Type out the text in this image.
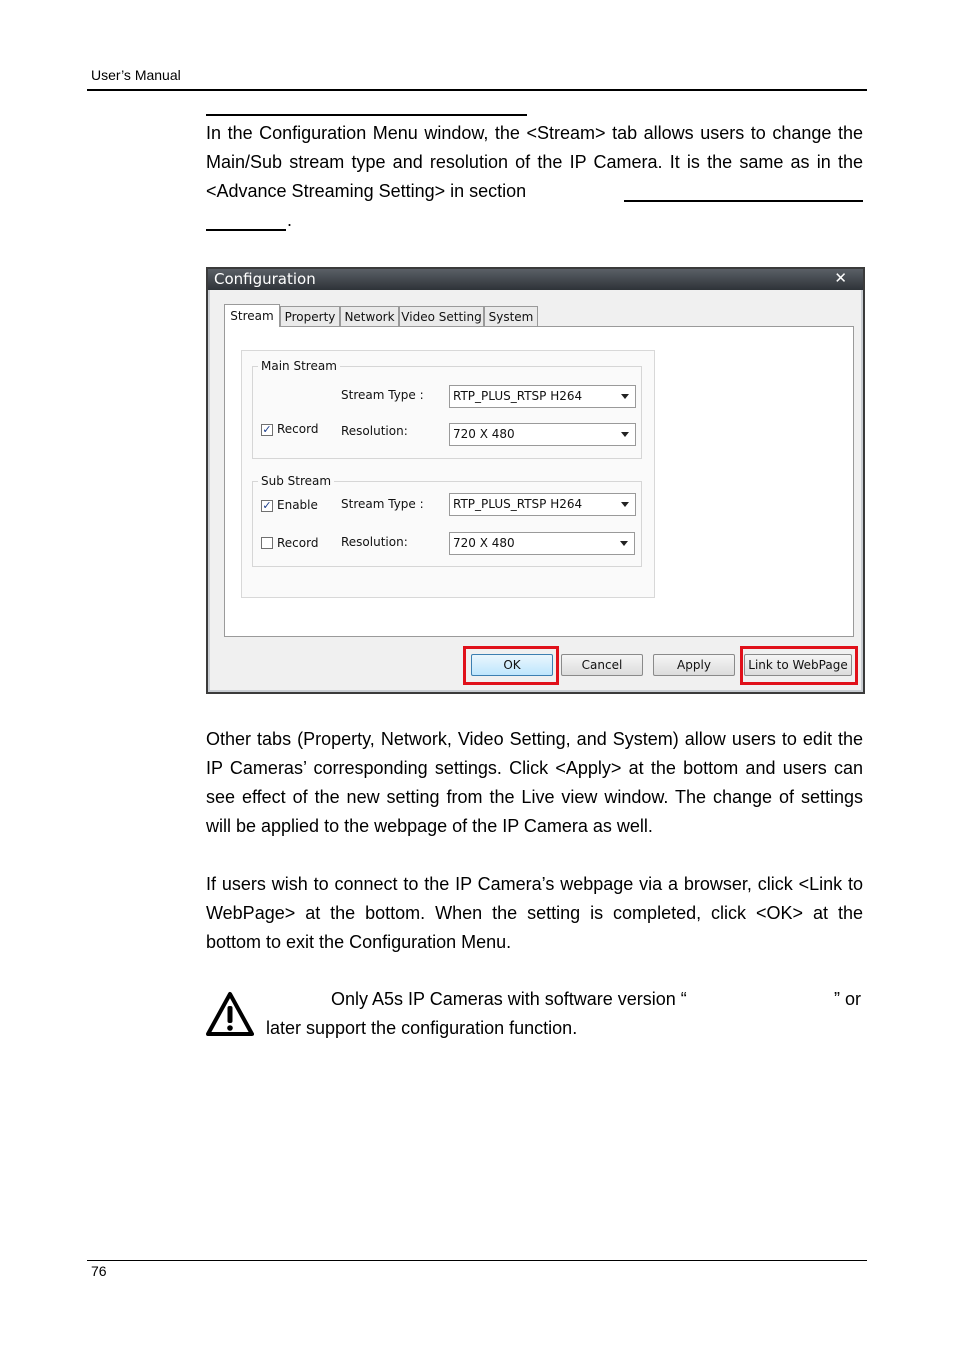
User’s Manual

In the Configuration Menu window, the <Stream> tab allows users to change the Main/Sub stream type and resolution of the IP Camera. It is the same as in the <Advance Streaming Setting> in section

.
Configuration	✕
Stream Property Network Video Setting System
Main Stream
Stream Type :	RTP_PLUS_RTSP H264
✓ Record Resolution:	720 X 480
Sub Stream
✓ Enable Stream Type :	RTP_PLUS_RTSP H264
Record Resolution:	720 X 480
OK	Cancel	Apply	Link to WebPage

Other tabs (Property, Network, Video Setting, and System) allow users to edit the IP Cameras’ corresponding settings. Click <Apply> at the bottom and users can see effect of the new setting from the Live view window. The change of settings will be applied to the webpage of the IP Camera as well.

If users wish to connect to the IP Camera’s webpage via a browser, click <Link to WebPage> at the bottom. When the setting is completed, click <OK> at the bottom to exit the Configuration Menu.

Only A5s IP Cameras with software version “	” or
later support the configuration function.
76
